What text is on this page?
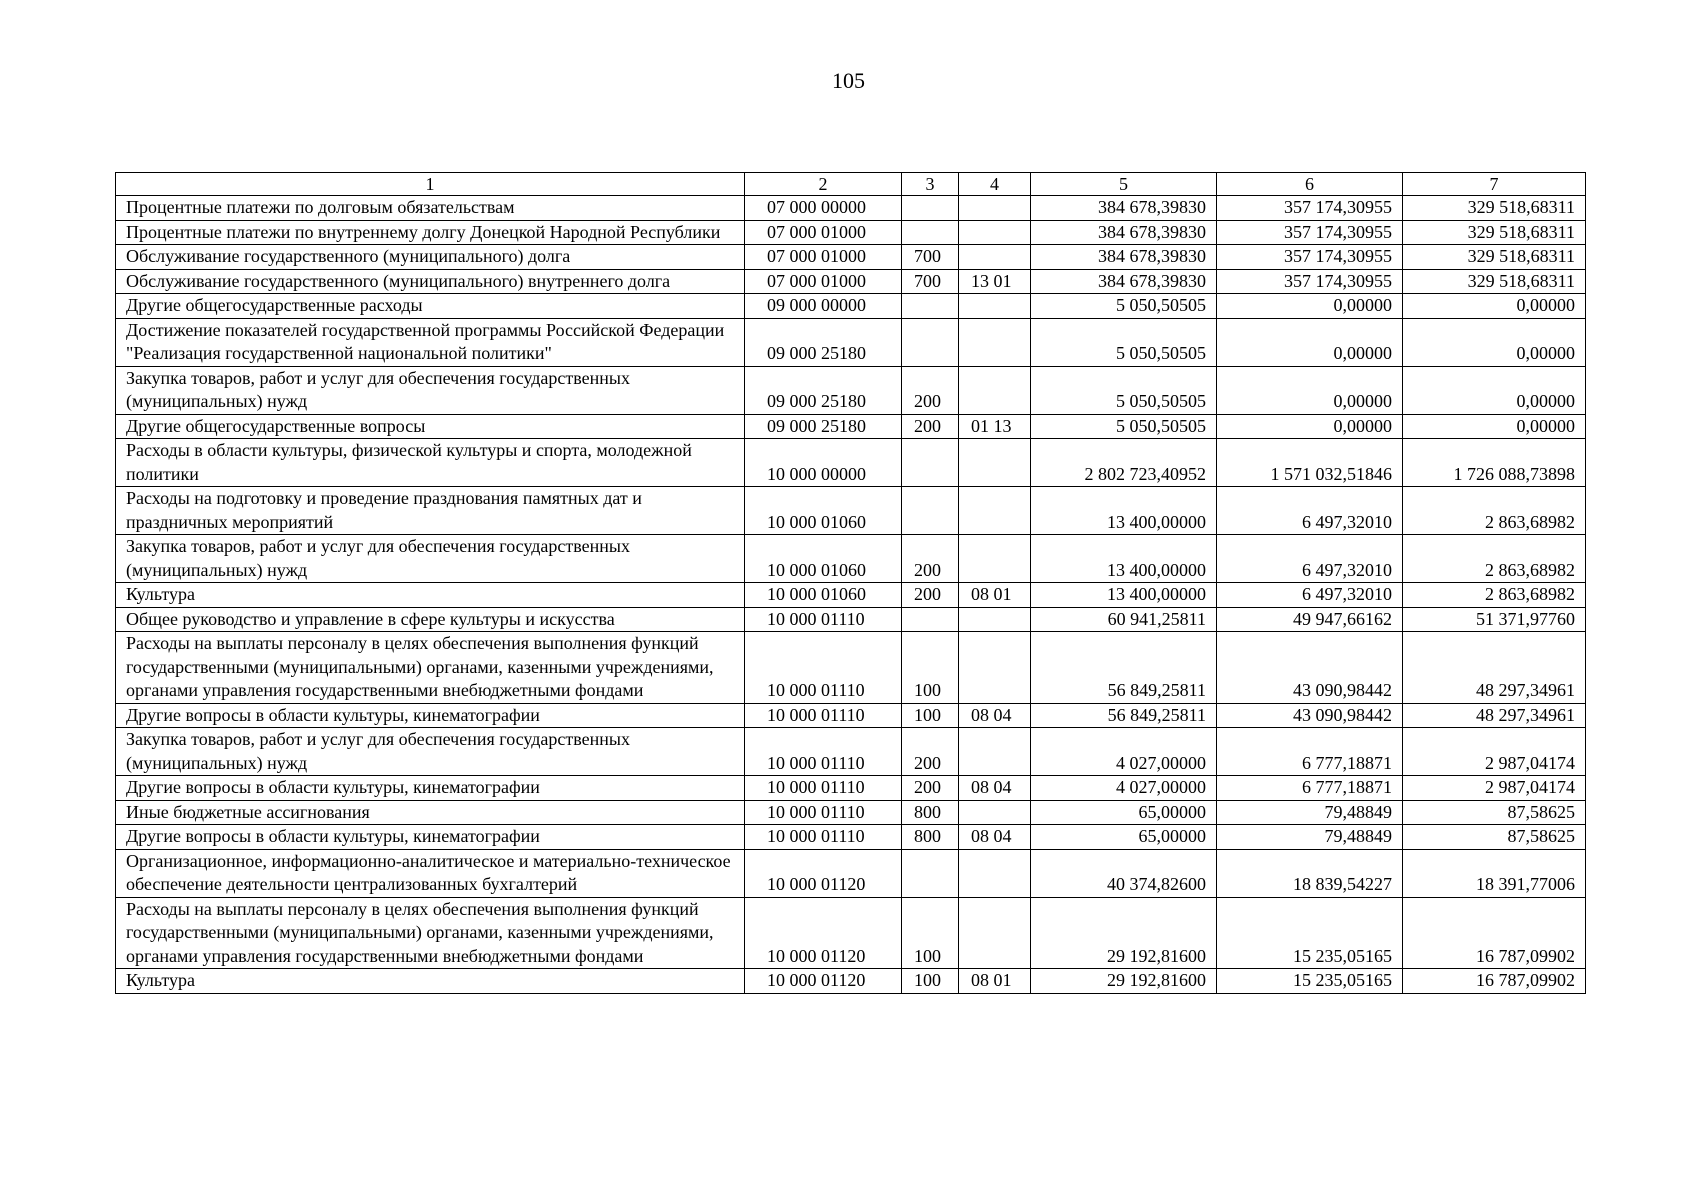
105
1	2	3	4	5	6	7
Процентные платежи по долговым обязательствам	07 000 00000			384 678,39830	357 174,30955	329 518,68311
Процентные платежи по внутреннему долгу Донецкой Народной Республики	07 000 01000			384 678,39830	357 174,30955	329 518,68311
Обслуживание государственного (муниципального) долга	07 000 01000	700		384 678,39830	357 174,30955	329 518,68311
Обслуживание государственного (муниципального) внутреннего долга	07 000 01000	700	13 01	384 678,39830	357 174,30955	329 518,68311
Другие общегосударственные расходы	09 000 00000			5 050,50505	0,00000	0,00000
Достижение показателей государственной программы Российской Федерации "Реализация государственной национальной политики"	09 000 25180			5 050,50505	0,00000	0,00000
Закупка товаров, работ и услуг для обеспечения государственных (муниципальных) нужд	09 000 25180	200		5 050,50505	0,00000	0,00000
Другие общегосударственные вопросы	09 000 25180	200	01 13	5 050,50505	0,00000	0,00000
Расходы в области культуры, физической культуры и спорта, молодежной политики	10 000 00000			2 802 723,40952	1 571 032,51846	1 726 088,73898
Расходы на подготовку и проведение празднования памятных дат и праздничных мероприятий	10 000 01060			13 400,00000	6 497,32010	2 863,68982
Закупка товаров, работ и услуг для обеспечения государственных (муниципальных) нужд	10 000 01060	200		13 400,00000	6 497,32010	2 863,68982
Культура	10 000 01060	200	08 01	13 400,00000	6 497,32010	2 863,68982
Общее руководство и управление в сфере культуры и искусства	10 000 01110			60 941,25811	49 947,66162	51 371,97760
Расходы на выплаты персоналу в целях обеспечения выполнения функций государственными (муниципальными) органами, казенными учреждениями, органами управления государственными внебюджетными фондами	10 000 01110	100		56 849,25811	43 090,98442	48 297,34961
Другие вопросы в области культуры, кинематографии	10 000 01110	100	08 04	56 849,25811	43 090,98442	48 297,34961
Закупка товаров, работ и услуг для обеспечения государственных (муниципальных) нужд	10 000 01110	200		4 027,00000	6 777,18871	2 987,04174
Другие вопросы в области культуры, кинематографии	10 000 01110	200	08 04	4 027,00000	6 777,18871	2 987,04174
Иные бюджетные ассигнования	10 000 01110	800		65,00000	79,48849	87,58625
Другие вопросы в области культуры, кинематографии	10 000 01110	800	08 04	65,00000	79,48849	87,58625
Организационное, информационно-аналитическое и материально-техническое обеспечение деятельности централизованных бухгалтерий	10 000 01120			40 374,82600	18 839,54227	18 391,77006
Расходы на выплаты персоналу в целях обеспечения выполнения функций государственными (муниципальными) органами, казенными учреждениями, органами управления государственными внебюджетными фондами	10 000 01120	100		29 192,81600	15 235,05165	16 787,09902
Культура	10 000 01120	100	08 01	29 192,81600	15 235,05165	16 787,09902
